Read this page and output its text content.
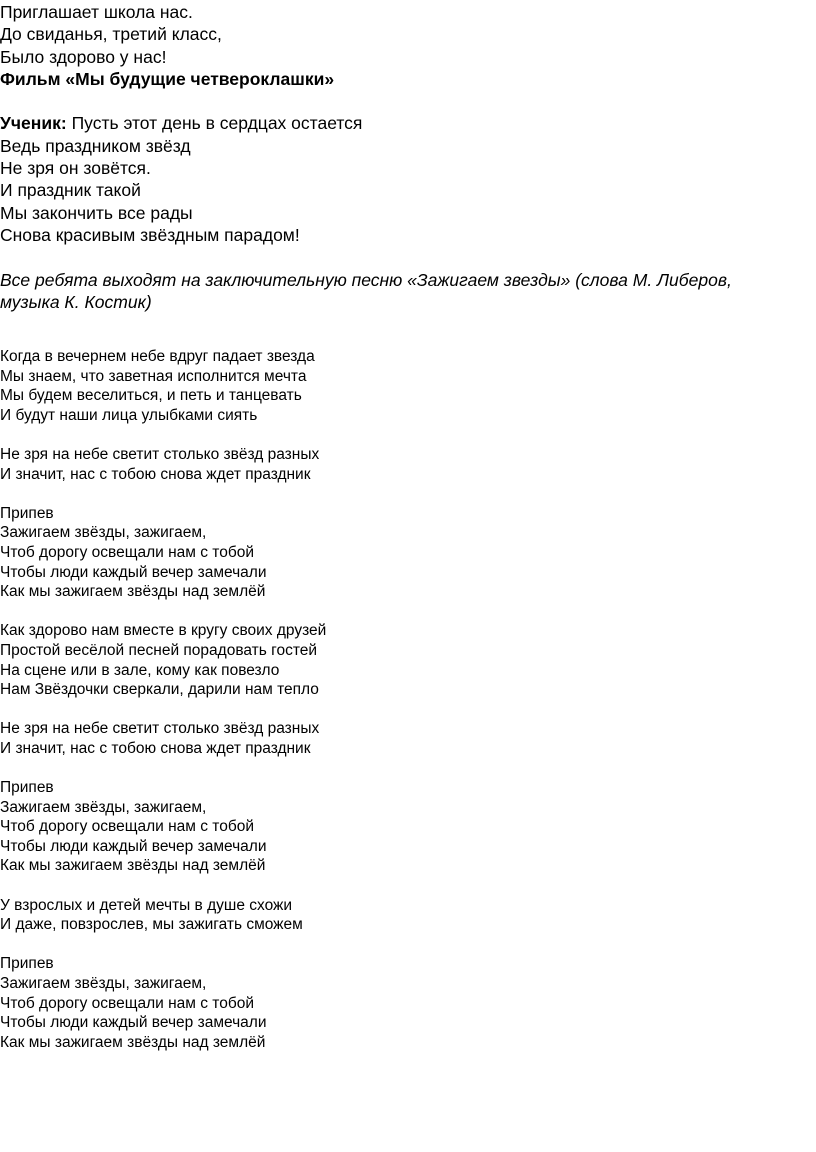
Приглашает школа нас.
До свиданья, третий класс,
Было здорово у нас!
Фильм «Мы будущие четвероклашки»
Ученик: Пусть этот день в сердцах остается
Ведь праздником звёзд
Не зря он зовётся.
И праздник такой
Мы закончить все рады
Снова красивым звёздным парадом!
Все ребята выходят на заключительную песню «Зажигаем звезды» (слова М. Либеров,
музыка К. Костик)
Когда в вечернем небе вдруг падает звезда
Мы знаем, что заветная исполнится мечта
Мы будем веселиться, и петь и танцевать
И будут наши лица улыбками сиять
Не зря на небе светит столько звёзд разных
И значит, нас с тобою снова ждет праздник
Припев
Зажигаем звёзды, зажигаем,
Чтоб дорогу освещали нам с тобой
Чтобы люди каждый вечер замечали
Как мы зажигаем звёзды над землёй
Как здорово нам вместе в кругу своих друзей
Простой весёлой песней порадовать гостей
На сцене или в зале, кому как повезло
Нам Звёздочки сверкали, дарили нам тепло
Не зря на небе светит столько звёзд разных
И значит, нас с тобою снова ждет праздник
Припев
Зажигаем звёзды, зажигаем,
Чтоб дорогу освещали нам с тобой
Чтобы люди каждый вечер замечали
Как мы зажигаем звёзды над землёй
У взрослых и детей мечты в душе схожи
И даже, повзрослев, мы зажигать сможем
Припев
Зажигаем звёзды, зажигаем,
Чтоб дорогу освещали нам с тобой
Чтобы люди каждый вечер замечали
Как мы зажигаем звёзды над землёй
